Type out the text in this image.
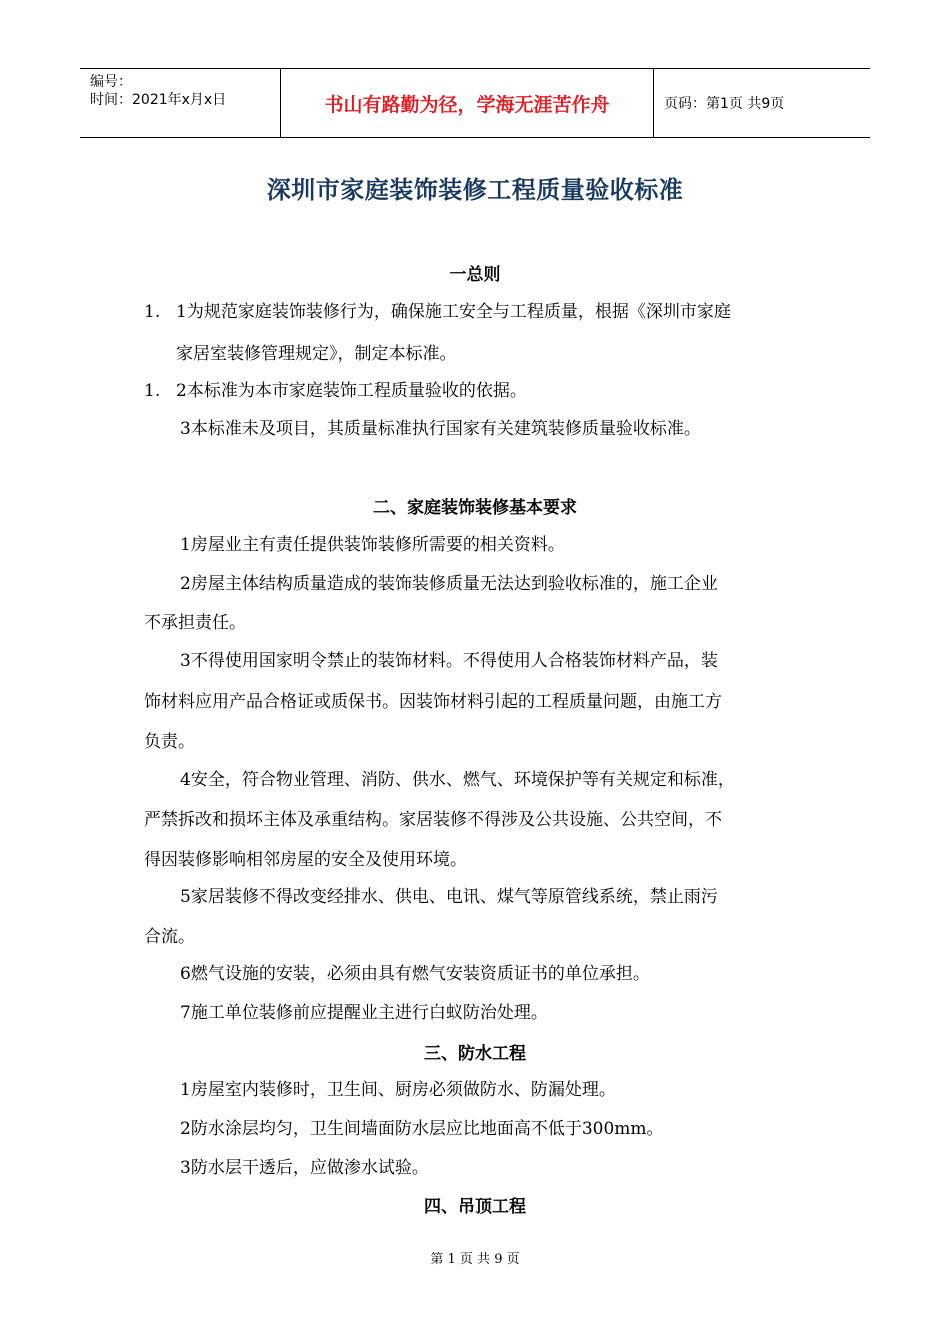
编号：
时间：2021年x月x日	书山有路勤为径，学海无涯苦作舟	页码：第1页 共9页
深圳市家庭装饰装修工程质量验收标准
一总则
1. 1为规范家庭装饰装修行为，确保施工安全与工程质量，根据《深圳市家庭
家居室装修管理规定》，制定本标准。
1. 2本标准为本市家庭装饰工程质量验收的依据。
3本标准未及项目，其质量标准执行国家有关建筑装修质量验收标准。
二、家庭装饰装修基本要求
1房屋业主有责任提供装饰装修所需要的相关资料。
2房屋主体结构质量造成的装饰装修质量无法达到验收标准的，施工企业
不承担责任。
3不得使用国家明令禁止的装饰材料。不得使用人合格装饰材料产品，装
饰材料应用产品合格证或质保书。因装饰材料引起的工程质量问题，由施工方
负责。
4安全，符合物业管理、消防、供水、燃气、环境保护等有关规定和标准，
严禁拆改和损坏主体及承重结构。家居装修不得涉及公共设施、公共空间，不
得因装修影响相邻房屋的安全及使用环境。
5家居装修不得改变经排水、供电、电讯、煤气等原管线系统，禁止雨污
合流。
6燃气设施的安装，必须由具有燃气安装资质证书的单位承担。
7施工单位装修前应提醒业主进行白蚁防治处理。
三、防水工程
1房屋室内装修时，卫生间、厨房必须做防水、防漏处理。
2防水涂层均匀，卫生间墙面防水层应比地面高不低于300mm。
3防水层干透后，应做渗水试验。
四、吊顶工程
第 1 页 共 9 页
